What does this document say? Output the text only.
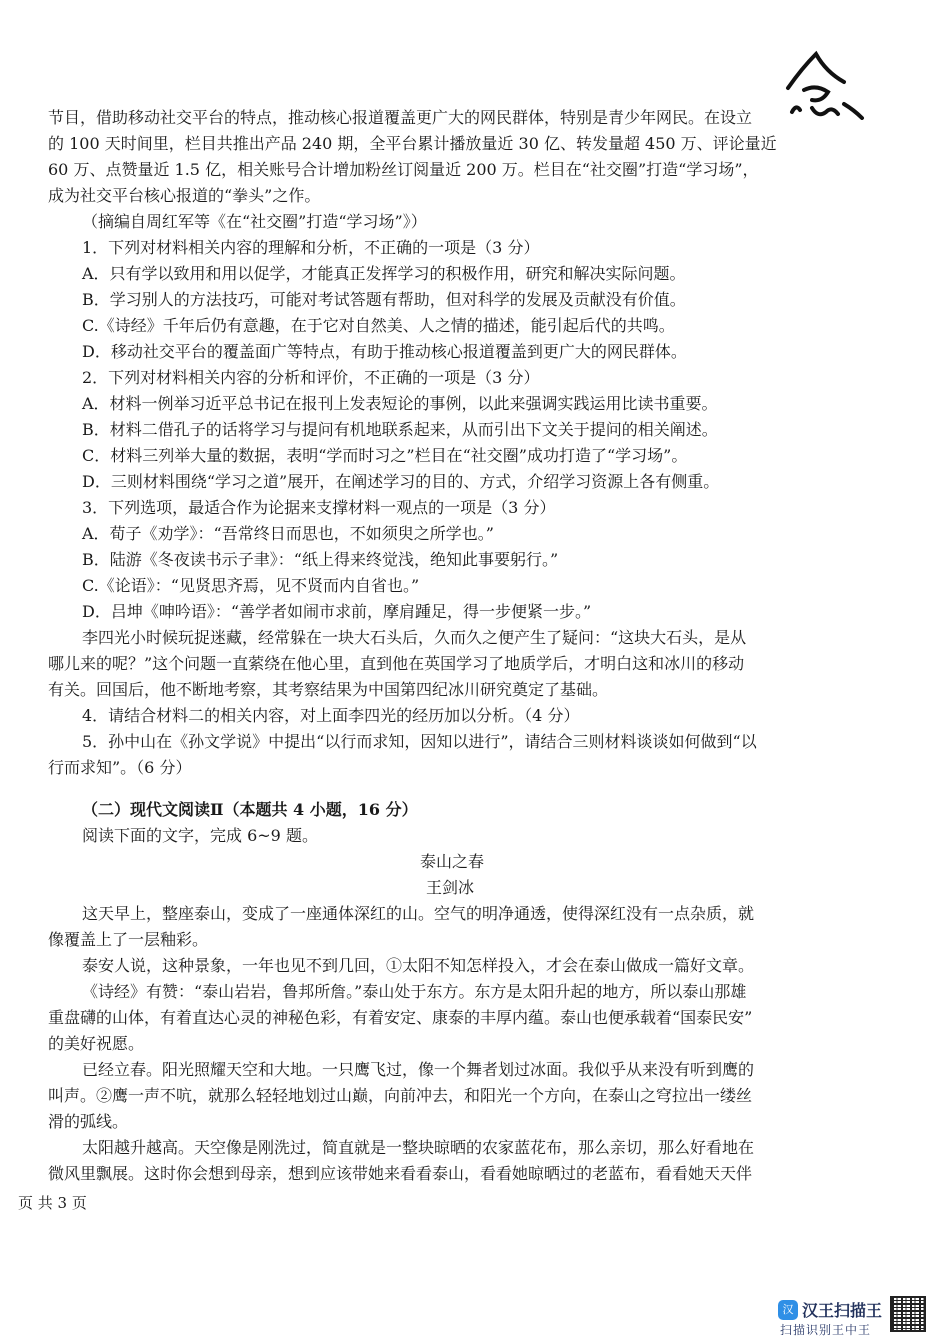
节目，借助移动社交平台的特点，推动核心报道覆盖更广大的网民群体，特别是青少年网民。在设立
的 100 天时间里，栏目共推出产品 240 期，全平台累计播放量近 30 亿、转发量超 450 万、评论量近
60 万、点赞量近 1.5 亿，相关账号合计增加粉丝订阅量近 200 万。栏目在“社交圈”打造“学习场”，
成为社交平台核心报道的“拳头”之作。
（摘编自周红军等《在“社交圈”打造“学习场”》）
1．下列对材料相关内容的理解和分析，不正确的一项是（3 分）
A．只有学以致用和用以促学，才能真正发挥学习的积极作用，研究和解决实际问题。
B．学习别人的方法技巧，可能对考试答题有帮助，但对科学的发展及贡献没有价值。
C.《诗经》千年后仍有意趣，在于它对自然美、人之情的描述，能引起后代的共鸣。
D．移动社交平台的覆盖面广等特点，有助于推动核心报道覆盖到更广大的网民群体。
2．下列对材料相关内容的分析和评价，不正确的一项是（3 分）
A．材料一例举习近平总书记在报刊上发表短论的事例，以此来强调实践运用比读书重要。
B．材料二借孔子的话将学习与提问有机地联系起来，从而引出下文关于提问的相关阐述。
C．材料三列举大量的数据，表明“学而时习之”栏目在“社交圈”成功打造了“学习场”。
D．三则材料围绕“学习之道”展开，在阐述学习的目的、方式，介绍学习资源上各有侧重。
3．下列选项，最适合作为论据来支撑材料一观点的一项是（3 分）
A．荀子《劝学》：“吾常终日而思也，不如须臾之所学也。”
B．陆游《冬夜读书示子聿》：“纸上得来终觉浅，绝知此事要躬行。”
C.《论语》：“见贤思齐焉，见不贤而内自省也。”
D．吕坤《呻吟语》：“善学者如闹市求前，摩肩踵足，得一步便紧一步。”
李四光小时候玩捉迷藏，经常躲在一块大石头后，久而久之便产生了疑问：“这块大石头，是从
哪儿来的呢？”这个问题一直萦绕在他心里，直到他在英国学习了地质学后，才明白这和冰川的移动
有关。回国后，他不断地考察，其考察结果为中国第四纪冰川研究奠定了基础。
4．请结合材料二的相关内容，对上面李四光的经历加以分析。（4 分）
5．孙中山在《孙文学说》中提出“以行而求知，因知以进行”，请结合三则材料谈谈如何做到“以
行而求知”。（6 分）
（二）现代文阅读Ⅱ（本题共 4 小题，16 分）
阅读下面的文字，完成 6~9 题。
泰山之春
王剑冰
这天早上，整座泰山，变成了一座通体深红的山。空气的明净通透，使得深红没有一点杂质，就
像覆盖上了一层釉彩。
泰安人说，这种景象，一年也见不到几回，①太阳不知怎样投入，才会在泰山做成一篇好文章。
《诗经》有赞：“泰山岩岩，鲁邦所詹。”泰山处于东方。东方是太阳升起的地方，所以泰山那雄
重盘礴的山体，有着直达心灵的神秘色彩，有着安定、康泰的丰厚内蕴。泰山也便承载着“国泰民安”
的美好祝愿。
已经立春。阳光照耀天空和大地。一只鹰飞过，像一个舞者划过冰面。我似乎从来没有听到鹰的
叫声。②鹰一声不吭，就那么轻轻地划过山巅，向前冲去，和阳光一个方向，在泰山之穹拉出一缕丝
滑的弧线。
太阳越升越高。天空像是刚洗过，简直就是一整块晾晒的农家蓝花布，那么亲切，那么好看地在
微风里飘展。这时你会想到母亲，想到应该带她来看看泰山，看看她晾晒过的老蓝布，看看她天天伴
页 共 3 页
汉 汉王扫描王
扫描识别王中王
